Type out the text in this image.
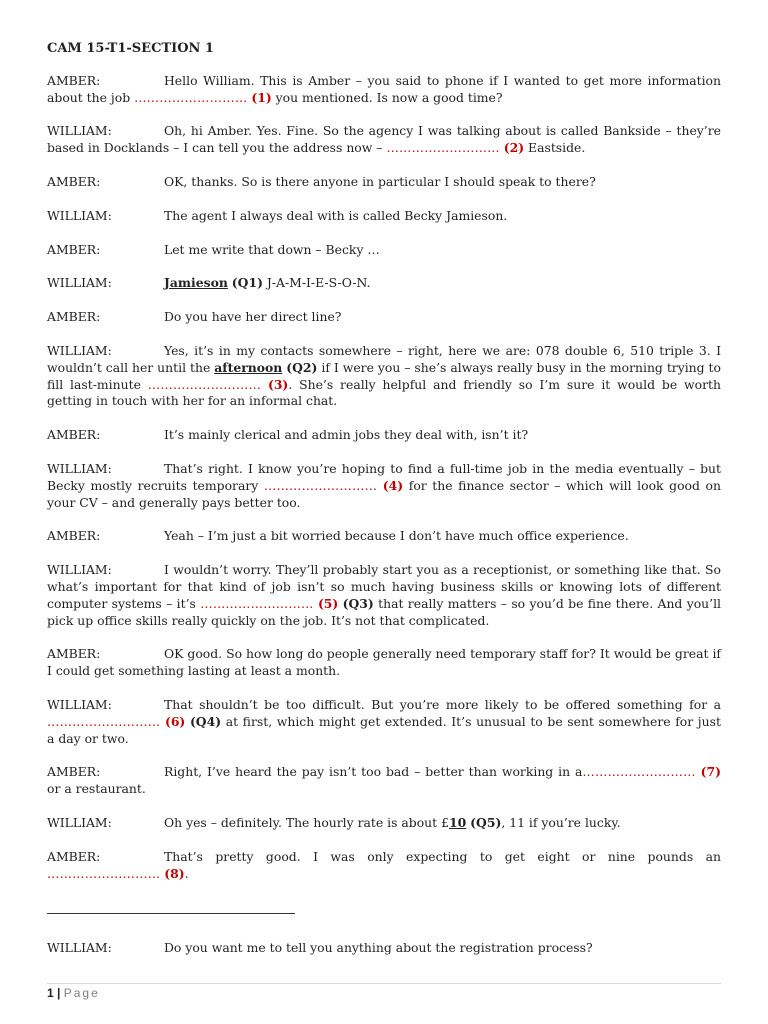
CAM 15-T1-SECTION 1
AMBER:	Hello William. This is Amber – you said to phone if I wanted to get more information about the job ……………………… (1) you mentioned. Is now a good time?
WILLIAM:	Oh, hi Amber. Yes. Fine. So the agency I was talking about is called Bankside – they’re based in Docklands – I can tell you the address now – ……………………… (2) Eastside.
AMBER:	OK, thanks. So is there anyone in particular I should speak to there?
WILLIAM:	The agent I always deal with is called Becky Jamieson.
AMBER:	Let me write that down – Becky …
WILLIAM:	Jamieson (Q1) J-A-M-I-E-S-O-N.
AMBER:	Do you have her direct line?
WILLIAM:	Yes, it’s in my contacts somewhere – right, here we are: 078 double 6, 510 triple 3. I wouldn’t call her until the afternoon (Q2) if I were you – she’s always really busy in the morning trying to fill last-minute ……………………… (3). She’s really helpful and friendly so I’m sure it would be worth getting in touch with her for an informal chat.
AMBER:	It’s mainly clerical and admin jobs they deal with, isn’t it?
WILLIAM:	That’s right. I know you’re hoping to find a full-time job in the media eventually – but Becky mostly recruits temporary ……………………… (4) for the finance sector – which will look good on your CV – and generally pays better too.
AMBER:	Yeah – I’m just a bit worried because I don’t have much office experience.
WILLIAM:	I wouldn’t worry. They’ll probably start you as a receptionist, or something like that. So what’s important for that kind of job isn’t so much having business skills or knowing lots of different computer systems – it’s ……………………… (5) (Q3) that really matters – so you’d be fine there. And you’ll pick up office skills really quickly on the job. It’s not that complicated.
AMBER:	OK good. So how long do people generally need temporary staff for? It would be great if I could get something lasting at least a month.
WILLIAM:	That shouldn’t be too difficult. But you’re more likely to be offered something for a ……………………… (6) (Q4) at first, which might get extended. It’s unusual to be sent somewhere for just a day or two.
AMBER:	Right, I’ve heard the pay isn’t too bad – better than working in a……………………… (7) or a restaurant.
WILLIAM:	Oh yes – definitely. The hourly rate is about £10 (Q5), 11 if you’re lucky.
AMBER:	That’s pretty good. I was only expecting to get eight or nine pounds an ……………………… (8).
WILLIAM:	Do you want me to tell you anything about the registration process?
1 | Page
